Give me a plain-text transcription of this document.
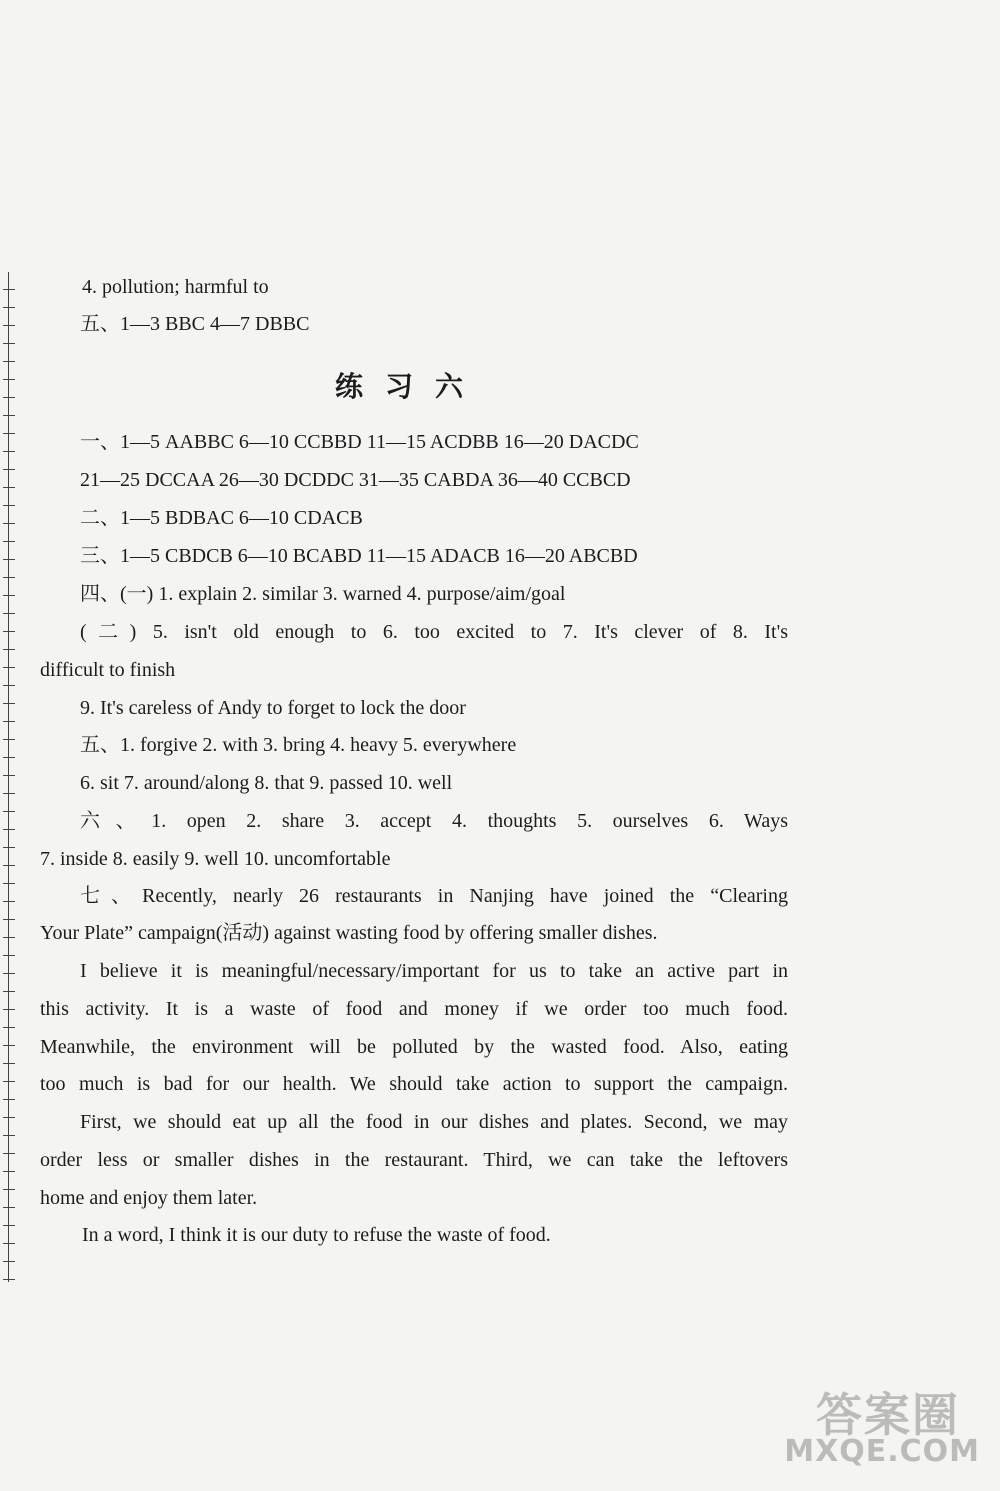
4. pollution; harmful to
五、1—3 BBC 4—7 DBBC
练习六
一、1—5 AABBC 6—10 CCBBD 11—15 ACDBB 16—20 DACDC
21—25 DCCAA 26—30 DCDDC 31—35 CABDA 36—40 CCBCD
二、1—5 BDBAC 6—10 CDACB
三、1—5 CBDCB 6—10 BCABD 11—15 ADACB 16—20 ABCBD
四、(一) 1. explain 2. similar 3. warned 4. purpose/aim/goal
(二) 5. isn't old enough to 6. too excited to 7. It's clever of 8. It's
difficult to finish
9. It's careless of Andy to forget to lock the door
五、1. forgive 2. with 3. bring 4. heavy 5. everywhere
6. sit 7. around/along 8. that 9. passed 10. well
六、1. open 2. share 3. accept 4. thoughts 5. ourselves 6. Ways
7. inside 8. easily 9. well 10. uncomfortable
七、Recently, nearly 26 restaurants in Nanjing have joined the “Clearing
Your Plate” campaign(活动) against wasting food by offering smaller dishes.
I believe it is meaningful/necessary/important for us to take an active part in
this activity. It is a waste of food and money if we order too much food.
Meanwhile, the environment will be polluted by the wasted food. Also, eating
too much is bad for our health. We should take action to support the campaign.
First, we should eat up all the food in our dishes and plates. Second, we may
order less or smaller dishes in the restaurant. Third, we can take the leftovers
home and enjoy them later.
In a word, I think it is our duty to refuse the waste of food.
答案圈
MXQE.COM
